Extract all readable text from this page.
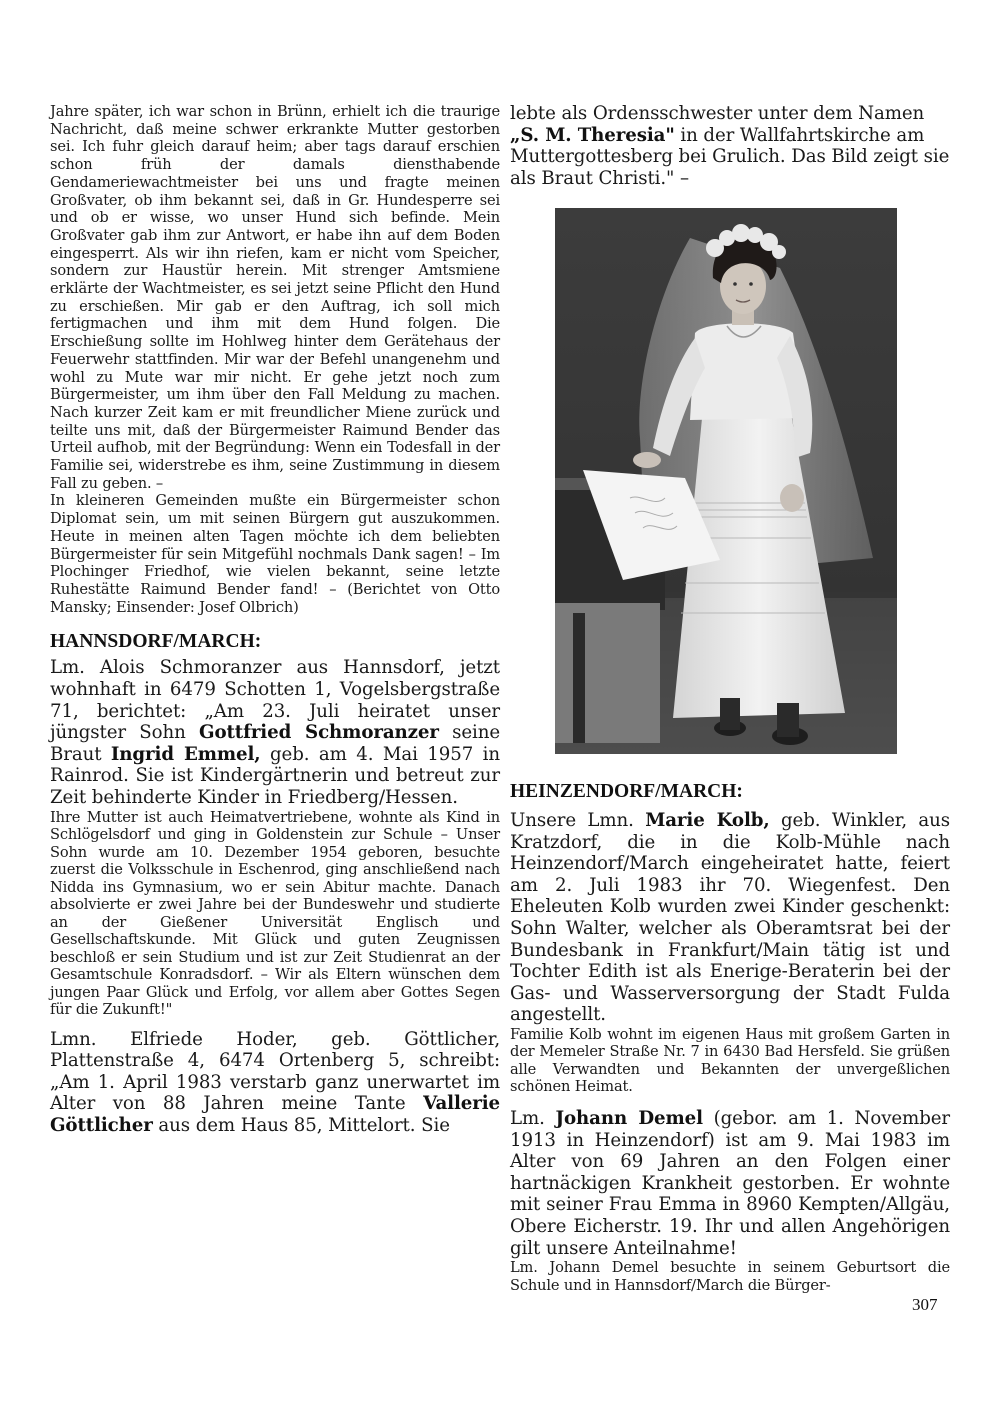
Jahre später, ich war schon in Brünn, erhielt ich die traurige Nachricht, daß meine schwer erkrankte Mutter gestorben sei. Ich fuhr gleich darauf heim; aber tags darauf erschien schon früh der damals diensthabende Gendameriewachtmeister bei uns und fragte meinen Großvater, ob ihm bekannt sei, daß in Gr. Hundesperre sei und ob er wisse, wo unser Hund sich befinde. Mein Großvater gab ihm zur Antwort, er habe ihn auf dem Boden eingesperrt. Als wir ihn riefen, kam er nicht vom Speicher, sondern zur Haustür herein. Mit strenger Amtsmiene erklärte der Wachtmeister, es sei jetzt seine Pflicht den Hund zu erschießen. Mir gab er den Auftrag, ich soll mich fertigmachen und ihm mit dem Hund folgen. Die Erschießung sollte im Hohlweg hinter dem Gerätehaus der Feuerwehr stattfinden. Mir war der Befehl unangenehm und wohl zu Mute war mir nicht. Er gehe jetzt noch zum Bürgermeister, um ihm über den Fall Meldung zu machen. Nach kurzer Zeit kam er mit freundlicher Miene zurück und teilte uns mit, daß der Bürgermeister Raimund Bender das Urteil aufhob, mit der Begründung: Wenn ein Todesfall in der Familie sei, widerstrebe es ihm, seine Zustimmung in diesem Fall zu geben. –

In kleineren Gemeinden mußte ein Bürgermeister schon Diplomat sein, um mit seinen Bürgern gut auszukommen. Heute in meinen alten Tagen möchte ich dem beliebten Bürgermeister für sein Mitgefühl nochmals Dank sagen! – Im Plochinger Friedhof, wie vielen bekannt, seine letzte Ruhestätte Raimund Bender fand! – (Berichtet von Otto Mansky; Einsender: Josef Olbrich)

HANNSDORF/MARCH:

Lm. Alois Schmoranzer aus Hannsdorf, jetzt wohnhaft in 6479 Schotten 1, Vogelsbergstraße 71, berichtet: „Am 23. Juli heiratet unser jüngster Sohn Gottfried Schmoranzer seine Braut Ingrid Emmel, geb. am 4. Mai 1957 in Rainrod. Sie ist Kindergärtnerin und betreut zur Zeit behinderte Kinder in Friedberg/Hessen.

Ihre Mutter ist auch Heimatvertriebene, wohnte als Kind in Schlögelsdorf und ging in Goldenstein zur Schule – Unser Sohn wurde am 10. Dezember 1954 geboren, besuchte zuerst die Volksschule in Eschenrod, ging anschließend nach Nidda ins Gymnasium, wo er sein Abitur machte. Danach absolvierte er zwei Jahre bei der Bundeswehr und studierte an der Gießener Universität Englisch und Gesellschaftskunde. Mit Glück und guten Zeugnissen beschloß er sein Studium und ist zur Zeit Studienrat an der Gesamtschule Konradsdorf. – Wir als Eltern wünschen dem jungen Paar Glück und Erfolg, vor allem aber Gottes Segen für die Zukunft!"

Lmn. Elfriede Hoder, geb. Göttlicher, Plattenstraße 4, 6474 Ortenberg 5, schreibt: „Am 1. April 1983 verstarb ganz unerwartet im Alter von 88 Jahren meine Tante Vallerie Göttlicher aus dem Haus 85, Mittelort. Sie

lebte als Ordensschwester unter dem Namen „S. M. Theresia" in der Wallfahrtskirche am Muttergottesberg bei Grulich. Das Bild zeigt sie als Braut Christi." –

HEINZENDORF/MARCH:

Unsere Lmn. Marie Kolb, geb. Winkler, aus Kratzdorf, die in die Kolb-Mühle nach Heinzendorf/March eingeheiratet hatte, feiert am 2. Juli 1983 ihr 70. Wiegenfest. Den Eheleuten Kolb wurden zwei Kinder geschenkt: Sohn Walter, welcher als Oberamtsrat bei der Bundesbank in Frankfurt/Main tätig ist und Tochter Edith ist als Enerige-Beraterin bei der Gas- und Wasserversorgung der Stadt Fulda angestellt.

Familie Kolb wohnt im eigenen Haus mit großem Garten in der Memeler Straße Nr. 7 in 6430 Bad Hersfeld. Sie grüßen alle Verwandten und Bekannten der unvergeßlichen schönen Heimat.

Lm. Johann Demel (gebor. am 1. November 1913 in Heinzendorf) ist am 9. Mai 1983 im Alter von 69 Jahren an den Folgen einer hartnäckigen Krankheit gestorben. Er wohnte mit seiner Frau Emma in 8960 Kempten/Allgäu, Obere Eicherstr. 19. Ihr und allen Angehörigen gilt unsere Anteilnahme!

Lm. Johann Demel besuchte in seinem Geburtsort die Schule und in Hannsdorf/March die Bürger-

307
